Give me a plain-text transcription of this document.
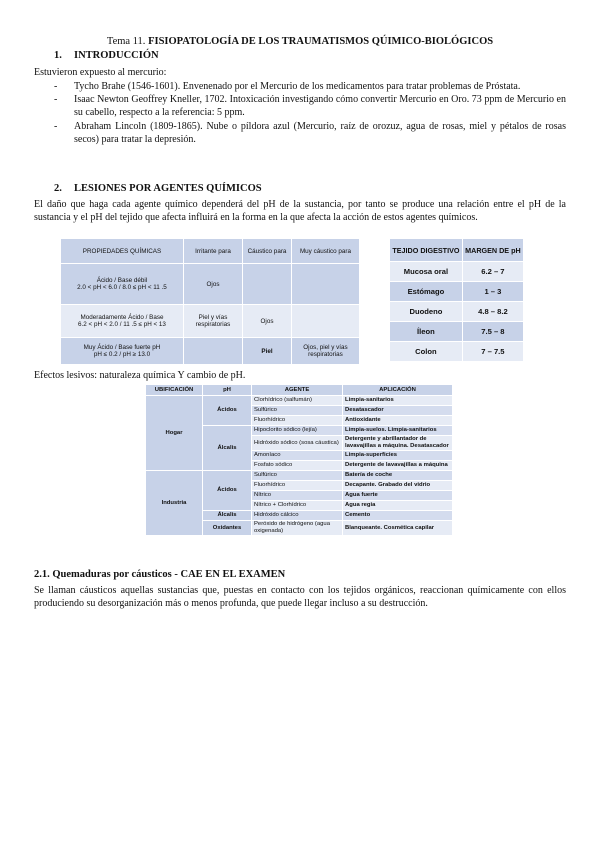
Tema 11. FISIOPATOLOGÍA DE LOS TRAUMATISMOS QÚIMICO-BIOLÓGICOS
1. INTRODUCCIÓN
Estuvieron expuesto al mercurio:
- Tycho Brahe (1546-1601). Envenenado por el Mercurio de los medicamentos para tratar problemas de Próstata.
- Isaac Newton Geoffrey Kneller, 1702. Intoxicación investigando cómo convertir Mercurio en Oro. 73 ppm de Mercurio en su cabello, respecto a la referencia: 5 ppm.
- Abraham Lincoln (1809-1865). Nube o píldora azul (Mercurio, raíz de orozuz, agua de rosas, miel y pétalos de rosas secos) para tratar la depresión.
2. LESIONES POR AGENTES QUÍMICOS
El daño que haga cada agente químico dependerá del pH de la sustancia, por tanto se produce una relación entre el pH de la sustancia y el pH del tejido que afecta influirá en la forma en la que afecta la acción de estos agentes químicos.
PROPIEDADES QUÍMICAS	Irritante para	Cáustico para	Muy cáustico para

Ácido / Base débil
2.0 < pH < 6.0 / 8.0 ≤ pH < 11 .5	Ojos		

Moderadamente Ácido / Base
6.2 < pH < 2.0 / 11 .5 ≤ pH < 13	Piel y vías respiratorias	Ojos	

Muy Ácido / Base fuerte pH
pH ≤ 0.2 / pH ≥ 13.0		Piel	Ojos, piel y vías respiratorias
TEJIDO DIGESTIVO	MARGEN DE pH
Mucosa oral	6.2 – 7
Estómago	1 – 3
Duodeno	4.8 – 8.2
Íleon	7.5 – 8
Colon	7 – 7.5
Efectos lesivos: naturaleza química Y cambio de pH.
UBIFICACIÓN	pH	AGENTE	APLICACIÓN
Hogar	Ácidos	Clorhídrico (salfumán)	Limpia-sanitarios
		Sulfúrico	Desatascador
		Fluorhídrico	Antioxidante
	Álcalis	Hipoclorito sódico (lejía)	Limpia-suelos. Limpia-sanitarios
		Hidróxido sódico (sosa cáustica)	Detergente y abrillantador de lavavajillas a máquina. Desatascador
		Amoníaco	Limpia-superficies
		Fosfato sódico	Detergente de lavavajillas a máquina
Industria	Ácidos	Sulfúrico	Batería de coche
		Fluorhídrico	Decapante. Grabado del vidrio
		Nítrico	Agua fuerte
		Nítrico + Clorhídrico	Agua regia
	Álcalis	Hidróxido cálcico	Cemento
	Oxidantes	Peróxido de hidrógeno (agua oxigenada)	Blanqueante. Cosmética capilar
2.1. Quemaduras por cáusticos - CAE EN EL EXAMEN
Se llaman cáusticos aquellas sustancias que, puestas en contacto con los tejidos orgánicos, reaccionan químicamente con ellos produciendo su desorganización más o menos profunda, que puede llegar incluso a su destrucción.
